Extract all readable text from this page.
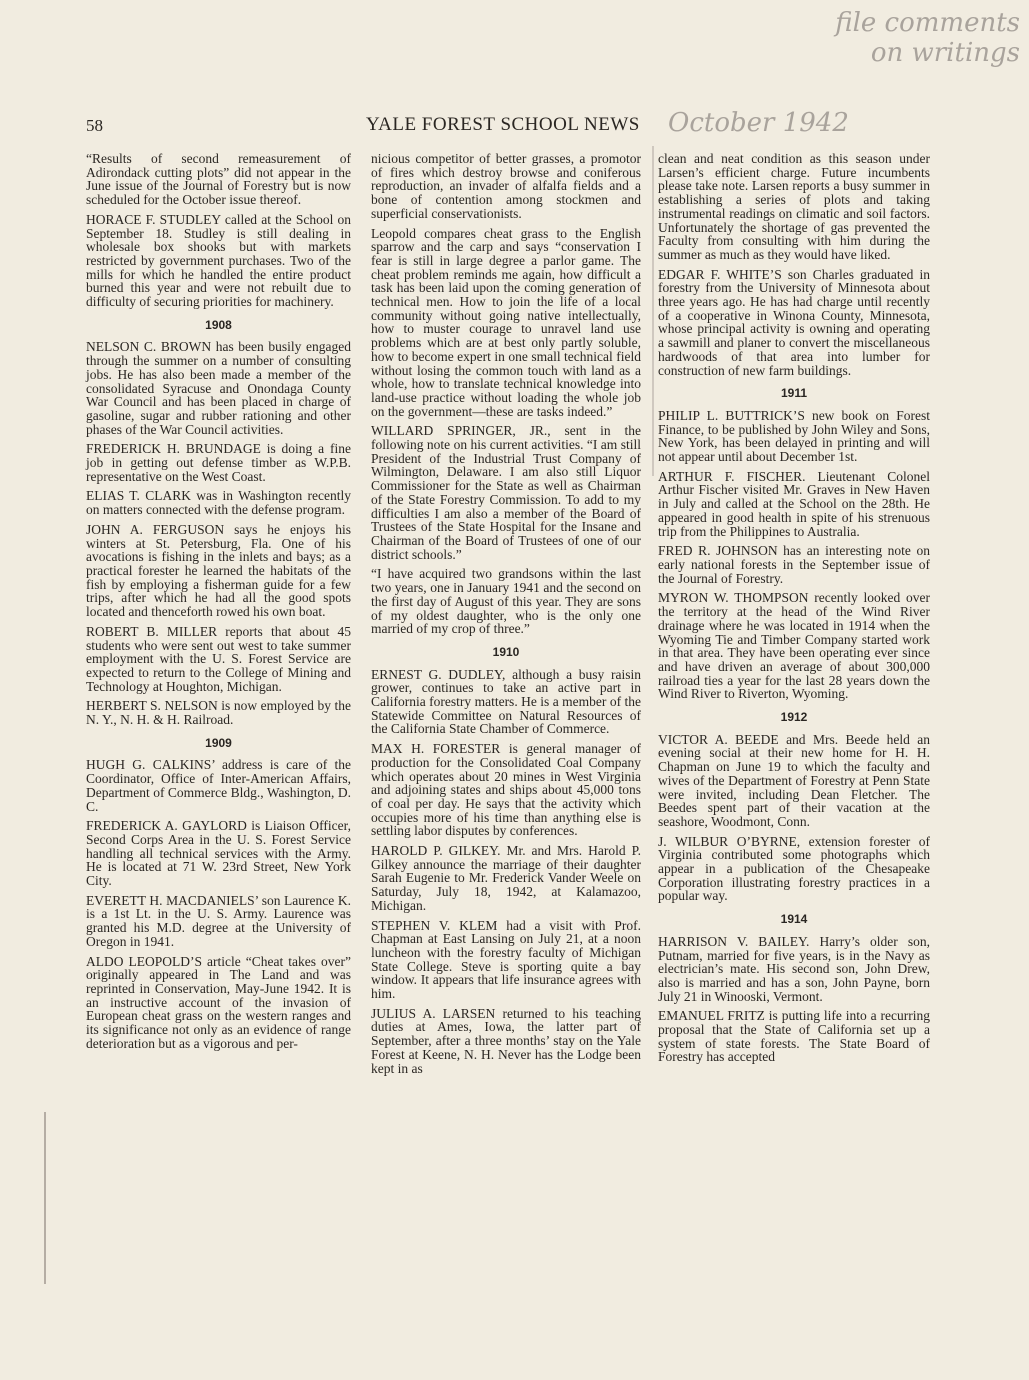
58	YALE FOREST SCHOOL NEWS October 1942
file comments on writings
“Results of second remeasurement of Adirondack cutting plots” did not appear in the June issue of the Journal of Forestry but is now scheduled for the October issue thereof.
HORACE F. STUDLEY called at the School on September 18. Studley is still dealing in wholesale box shooks but with markets restricted by government purchases. Two of the mills for which he handled the entire product burned this year and were not rebuilt due to difficulty of securing priorities for machinery.
1908
NELSON C. BROWN has been busily engaged through the summer on a number of consulting jobs. He has also been made a member of the consolidated Syracuse and Onondaga County War Council and has been placed in charge of gasoline, sugar and rubber rationing and other phases of the War Council activities.
FREDERICK H. BRUNDAGE is doing a fine job in getting out defense timber as W.P.B. representative on the West Coast.
ELIAS T. CLARK was in Washington recently on matters connected with the defense program.
JOHN A. FERGUSON says he enjoys his winters at St. Petersburg, Fla. One of his avocations is fishing in the inlets and bays; as a practical forester he learned the habitats of the fish by employing a fisherman guide for a few trips, after which he had all the good spots located and thenceforth rowed his own boat.
ROBERT B. MILLER reports that about 45 students who were sent out west to take summer employment with the U. S. Forest Service are expected to return to the College of Mining and Technology at Houghton, Michigan.
HERBERT S. NELSON is now employed by the N. Y., N. H. & H. Railroad.
1909
HUGH G. CALKINS’ address is care of the Coordinator, Office of Inter-American Affairs, Department of Commerce Bldg., Washington, D. C.
FREDERICK A. GAYLORD is Liaison Officer, Second Corps Area in the U. S. Forest Service handling all technical services with the Army. He is located at 71 W. 23rd Street, New York City.
EVERETT H. MACDANIELS’ son Laurence K. is a 1st Lt. in the U. S. Army. Laurence was granted his M.D. degree at the University of Oregon in 1941.
ALDO LEOPOLD’S article “Cheat takes over” originally appeared in The Land and was reprinted in Conservation, May-June 1942. It is an instructive account of the invasion of European cheat grass on the western ranges and its significance not only as an evidence of range deterioration but as a vigorous and per-
nicious competitor of better grasses, a promotor of fires which destroy browse and coniferous reproduction, an invader of alfalfa fields and a bone of contention among stockmen and superficial conservationists.
Leopold compares cheat grass to the English sparrow and the carp and says “conservation I fear is still in large degree a parlor game. The cheat problem reminds me again, how difficult a task has been laid upon the coming generation of technical men. How to join the life of a local community without going native intellectually, how to muster courage to unravel land use problems which are at best only partly soluble, how to become expert in one small technical field without losing the common touch with land as a whole, how to translate technical knowledge into land-use practice without loading the whole job on the government—these are tasks indeed.”
WILLARD SPRINGER, JR., sent in the following note on his current activities. “I am still President of the Industrial Trust Company of Wilmington, Delaware. I am also still Liquor Commissioner for the State as well as Chairman of the State Forestry Commission. To add to my difficulties I am also a member of the Board of Trustees of the State Hospital for the Insane and Chairman of the Board of Trustees of one of our district schools.”
“I have acquired two grandsons within the last two years, one in January 1941 and the second on the first day of August of this year. They are sons of my oldest daughter, who is the only one married of my crop of three.”
1910
ERNEST G. DUDLEY, although a busy raisin grower, continues to take an active part in California forestry matters. He is a member of the Statewide Committee on Natural Resources of the California State Chamber of Commerce.
MAX H. FORESTER is general manager of production for the Consolidated Coal Company which operates about 20 mines in West Virginia and adjoining states and ships about 45,000 tons of coal per day. He says that the activity which occupies more of his time than anything else is settling labor disputes by conferences.
HAROLD P. GILKEY. Mr. and Mrs. Harold P. Gilkey announce the marriage of their daughter Sarah Eugenie to Mr. Frederick Vander Weele on Saturday, July 18, 1942, at Kalamazoo, Michigan.
STEPHEN V. KLEM had a visit with Prof. Chapman at East Lansing on July 21, at a noon luncheon with the forestry faculty of Michigan State College. Steve is sporting quite a bay window. It appears that life insurance agrees with him.
JULIUS A. LARSEN returned to his teaching duties at Ames, Iowa, the latter part of September, after a three months’ stay on the Yale Forest at Keene, N. H. Never has the Lodge been kept in as
clean and neat condition as this season under Larsen’s efficient charge. Future incumbents please take note. Larsen reports a busy summer in establishing a series of plots and taking instrumental readings on climatic and soil factors. Unfortunately the shortage of gas prevented the Faculty from consulting with him during the summer as much as they would have liked.
EDGAR F. WHITE’S son Charles graduated in forestry from the University of Minnesota about three years ago. He has had charge until recently of a cooperative in Winona County, Minnesota, whose principal activity is owning and operating a sawmill and planer to convert the miscellaneous hardwoods of that area into lumber for construction of new farm buildings.
1911
PHILIP L. BUTTRICK’S new book on Forest Finance, to be published by John Wiley and Sons, New York, has been delayed in printing and will not appear until about December 1st.
ARTHUR F. FISCHER. Lieutenant Colonel Arthur Fischer visited Mr. Graves in New Haven in July and called at the School on the 28th. He appeared in good health in spite of his strenuous trip from the Philippines to Australia.
FRED R. JOHNSON has an interesting note on early national forests in the September issue of the Journal of Forestry.
MYRON W. THOMPSON recently looked over the territory at the head of the Wind River drainage where he was located in 1914 when the Wyoming Tie and Timber Company started work in that area. They have been operating ever since and have driven an average of about 300,000 railroad ties a year for the last 28 years down the Wind River to Riverton, Wyoming.
1912
VICTOR A. BEEDE and Mrs. Beede held an evening social at their new home for H. H. Chapman on June 19 to which the faculty and wives of the Department of Forestry at Penn State were invited, including Dean Fletcher. The Beedes spent part of their vacation at the seashore, Woodmont, Conn.
J. WILBUR O’BYRNE, extension forester of Virginia contributed some photographs which appear in a publication of the Chesapeake Corporation illustrating forestry practices in a popular way.
1914
HARRISON V. BAILEY. Harry’s older son, Putnam, married for five years, is in the Navy as electrician’s mate. His second son, John Drew, also is married and has a son, John Payne, born July 21 in Winooski, Vermont.
EMANUEL FRITZ is putting life into a recurring proposal that the State of California set up a system of state forests. The State Board of Forestry has accepted
